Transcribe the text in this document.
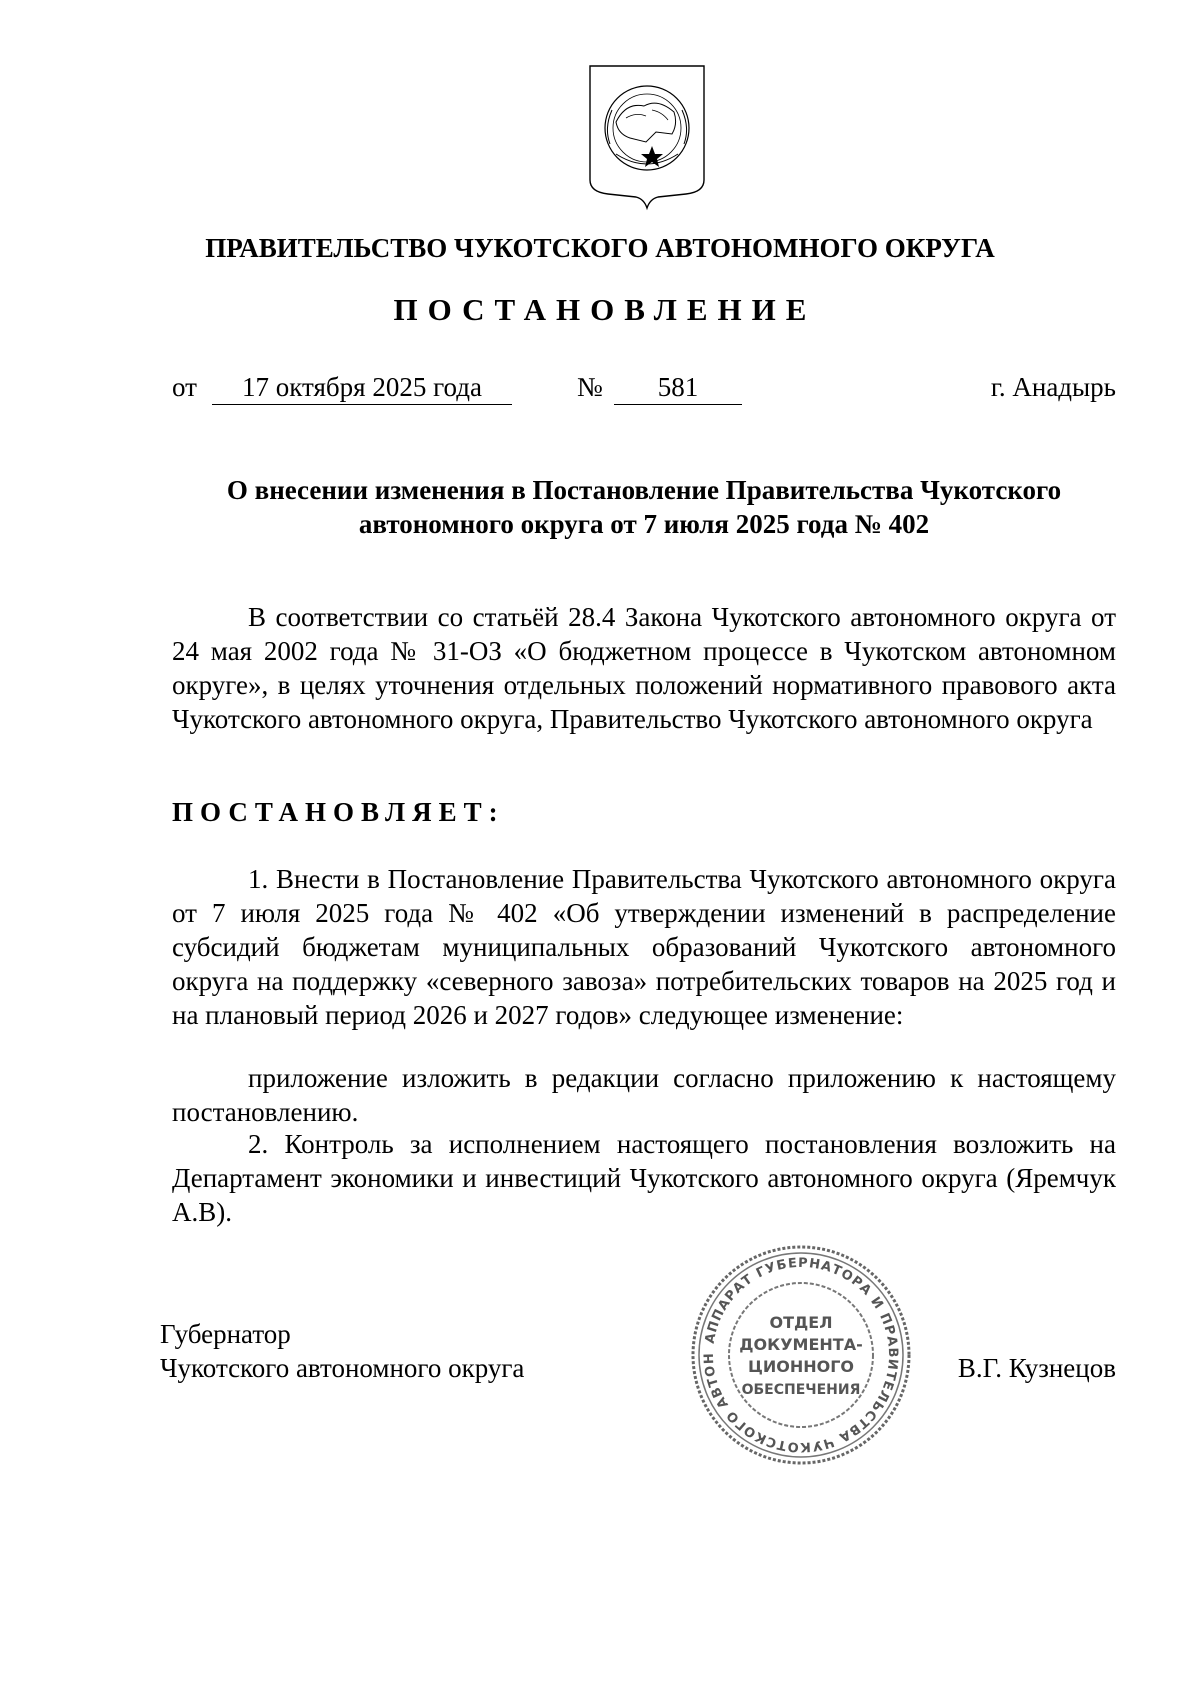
ПРАВИТЕЛЬСТВО ЧУКОТСКОГО АВТОНОМНОГО ОКРУГА
ПОСТАНОВЛЕНИЕ
от	17 октября 2025 года	№	581	г. Анадырь
О внесении изменения в Постановление Правительства Чукотского автономного округа от 7 июля 2025 года № 402
В соответствии со статьёй 28.4 Закона Чукотского автономного округа от 24 мая 2002 года № 31-ОЗ «О бюджетном процессе в Чукотском автономном округе», в целях уточнения отдельных положений нормативного правового акта Чукотского автономного округа, Правительство Чукотского автономного округа
ПОСТАНОВЛЯЕТ:
1. Внести в Постановление Правительства Чукотского автономного округа от 7 июля 2025 года № 402 «Об утверждении изменений в распределение субсидий бюджетам муниципальных образований Чукотского автономного округа на поддержку «северного завоза» потребительских товаров на 2025 год и на плановый период 2026 и 2027 годов» следующее изменение:
приложение изложить в редакции согласно приложению к настоящему постановлению.
2. Контроль за исполнением настоящего постановления возложить на Департамент экономики и инвестиций Чукотского автономного округа (Яремчук А.В).
Губернатор
Чукотского автономного округа	В.Г. Кузнецов
АППАРАТ ГУБЕРНАТОРА И ПРАВИТЕЛЬСТВА ЧУКОТСКОГО АВТОН
ОТДЕЛ
ДОКУМЕНТА-
ЦИОННОГО
ОБЕСПЕЧЕНИЯ
